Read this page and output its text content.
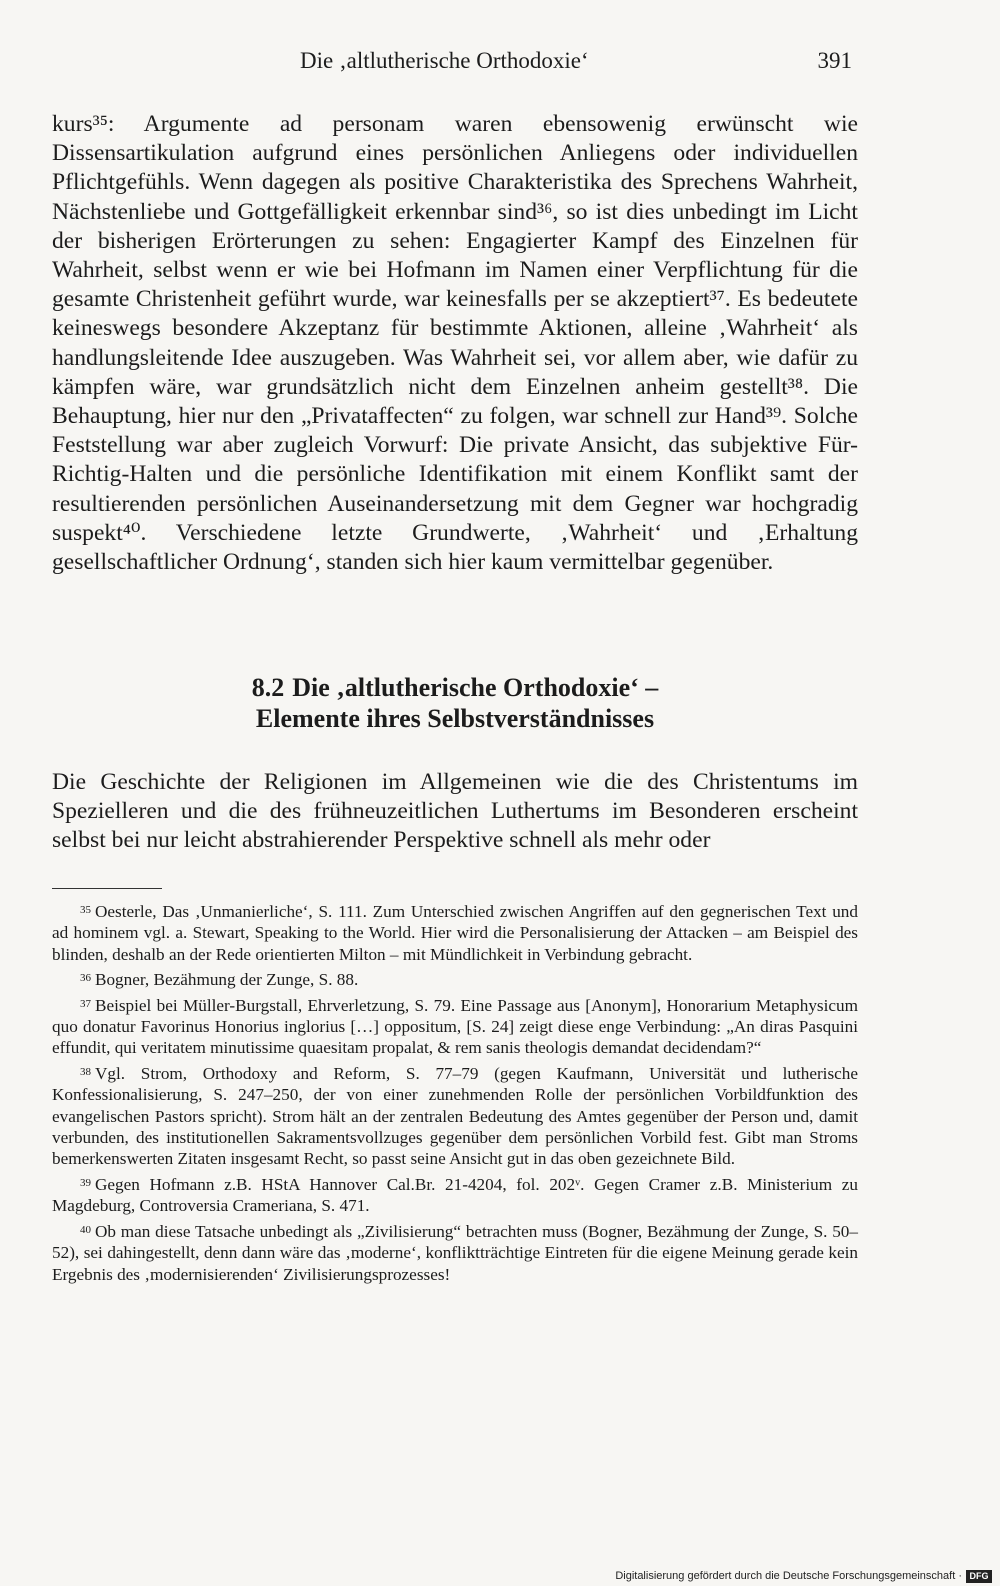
Die ‚altlutherische Orthodoxie‘	391

kurs³⁵: Argumente ad personam waren ebensowenig erwünscht wie Dissensartikulation aufgrund eines persönlichen Anliegens oder individuellen Pflichtgefühls. Wenn dagegen als positive Charakteristika des Sprechens Wahrheit, Nächstenliebe und Gottgefälligkeit erkennbar sind³⁶, so ist dies unbedingt im Licht der bisherigen Erörterungen zu sehen: Engagierter Kampf des Einzelnen für Wahrheit, selbst wenn er wie bei Hofmann im Namen einer Verpflichtung für die gesamte Christenheit geführt wurde, war keinesfalls per se akzeptiert³⁷. Es bedeutete keineswegs besondere Akzeptanz für bestimmte Aktionen, alleine ‚Wahrheit‘ als handlungsleitende Idee auszugeben. Was Wahrheit sei, vor allem aber, wie dafür zu kämpfen wäre, war grundsätzlich nicht dem Einzelnen anheim gestellt³⁸. Die Behauptung, hier nur den „Privataffecten“ zu folgen, war schnell zur Hand³⁹. Solche Feststellung war aber zugleich Vorwurf: Die private Ansicht, das subjektive Für-Richtig-Halten und die persönliche Identifikation mit einem Konflikt samt der resultierenden persönlichen Auseinandersetzung mit dem Gegner war hochgradig suspekt⁴⁰. Verschiedene letzte Grundwerte, ‚Wahrheit‘ und ‚Erhaltung gesellschaftlicher Ordnung‘, standen sich hier kaum vermittelbar gegenüber.

8.2 Die ‚altlutherische Orthodoxie‘ –
Elemente ihres Selbstverständnisses

Die Geschichte der Religionen im Allgemeinen wie die des Christentums im Spezielleren und die des frühneuzeitlichen Luthertums im Besonderen erscheint selbst bei nur leicht abstrahierender Perspektive schnell als mehr oder

$^{35}$ Oesterle, Das ‚Unmanierliche‘, S. 111. Zum Unterschied zwischen Angriffen auf den gegnerischen Text und ad hominem vgl. a. Stewart, Speaking to the World. Hier wird die Personalisierung der Attacken – am Beispiel des blinden, deshalb an der Rede orientierten Milton – mit Mündlichkeit in Verbindung gebracht.

$^{36}$ Bogner, Bezähmung der Zunge, S. 88.

$^{37}$ Beispiel bei Müller-Burgstall, Ehrverletzung, S. 79. Eine Passage aus [Anonym], Honorarium Metaphysicum quo donatur Favorinus Honorius inglorius […] oppositum, [S. 24] zeigt diese enge Verbindung: „An diras Pasquini effundit, qui veritatem minutissime quaesitam propalat, & rem sanis theologis demandat decidendam?“

$^{38}$ Vgl. Strom, Orthodoxy and Reform, S. 77–79 (gegen Kaufmann, Universität und lutherische Konfessionalisierung, S. 247–250, der von einer zunehmenden Rolle der persönlichen Vorbildfunktion des evangelischen Pastors spricht). Strom hält an der zentralen Bedeutung des Amtes gegenüber der Person und, damit verbunden, des institutionellen Sakramentsvollzuges gegenüber dem persönlichen Vorbild fest. Gibt man Stroms bemerkenswerten Zitaten insgesamt Recht, so passt seine Ansicht gut in das oben gezeichnete Bild.

$^{39}$ Gegen Hofmann z.B. HStA Hannover Cal.Br. 21-4204, fol. 202ᵛ. Gegen Cramer z.B. Ministerium zu Magdeburg, Controversia Crameriana, S. 471.

$^{40}$ Ob man diese Tatsache unbedingt als „Zivilisierung“ betrachten muss (Bogner, Bezähmung der Zunge, S. 50–52), sei dahingestellt, denn dann wäre das ‚moderne‘, konfliktträchtige Eintreten für die eigene Meinung gerade kein Ergebnis des ‚modernisierenden‘ Zivilisierungsprozesses!

Digitalisierung gefördert durch die Deutsche Forschungsgemeinschaft · DFG
